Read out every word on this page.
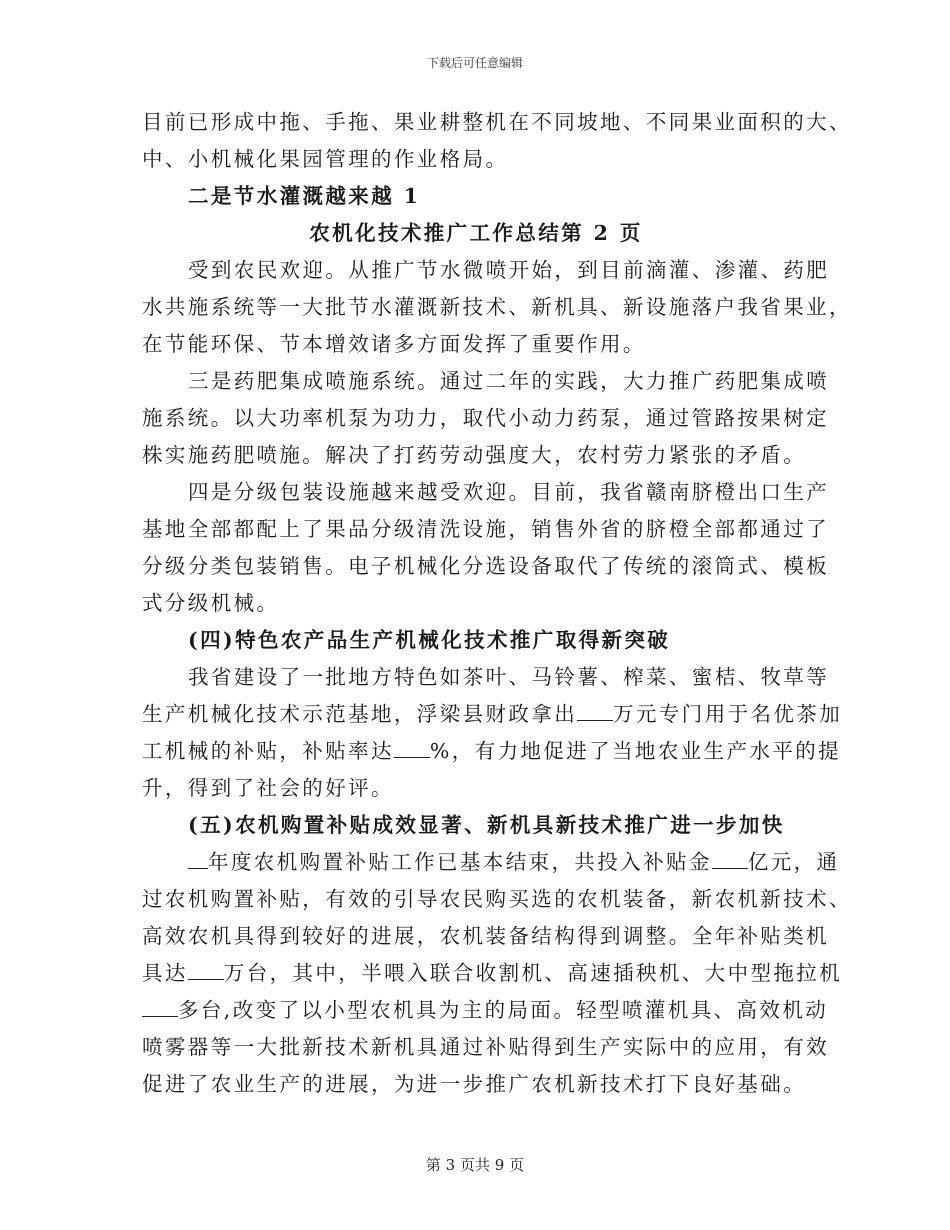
下载后可任意编辑
目前已形成中拖、手拖、果业耕整机在不同坡地、不同果业面积的大、
中、小机械化果园管理的作业格局。
二是节水灌溉越来越 1
农机化技术推广工作总结第 2 页
受到农民欢迎。从推广节水微喷开始，到目前滴灌、渗灌、药肥
水共施系统等一大批节水灌溉新技术、新机具、新设施落户我省果业，
在节能环保、节本增效诸多方面发挥了重要作用。
三是药肥集成喷施系统。通过二年的实践，大力推广药肥集成喷
施系统。以大功率机泵为功力，取代小动力药泵，通过管路按果树定
株实施药肥喷施。解决了打药劳动强度大，农村劳力紧张的矛盾。
四是分级包装设施越来越受欢迎。目前，我省赣南脐橙出口生产
基地全部都配上了果品分级清洗设施，销售外省的脐橙全部都通过了
分级分类包装销售。电子机械化分选设备取代了传统的滚筒式、模板
式分级机械。
(四)特色农产品生产机械化技术推广取得新突破
我省建设了一批地方特色如茶叶、马铃薯、榨菜、蜜桔、牧草等
生产机械化技术示范基地，浮梁县财政拿出 万元专门用于名优茶加
工机械的补贴，补贴率达 %，有力地促进了当地农业生产水平的提
升，得到了社会的好评。
(五)农机购置补贴成效显著、新机具新技术推广进一步加快
年度农机购置补贴工作已基本结束，共投入补贴金 亿元，通
过农机购置补贴，有效的引导农民购买选的农机装备，新农机新技术、
高效农机具得到较好的进展，农机装备结构得到调整。全年补贴类机
具达 万台，其中，半喂入联合收割机、高速插秧机、大中型拖拉机
多台,改变了以小型农机具为主的局面。轻型喷灌机具、高效机动
喷雾器等一大批新技术新机具通过补贴得到生产实际中的应用，有效
促进了农业生产的进展，为进一步推广农机新技术打下良好基础。
第 3 页共 9 页
